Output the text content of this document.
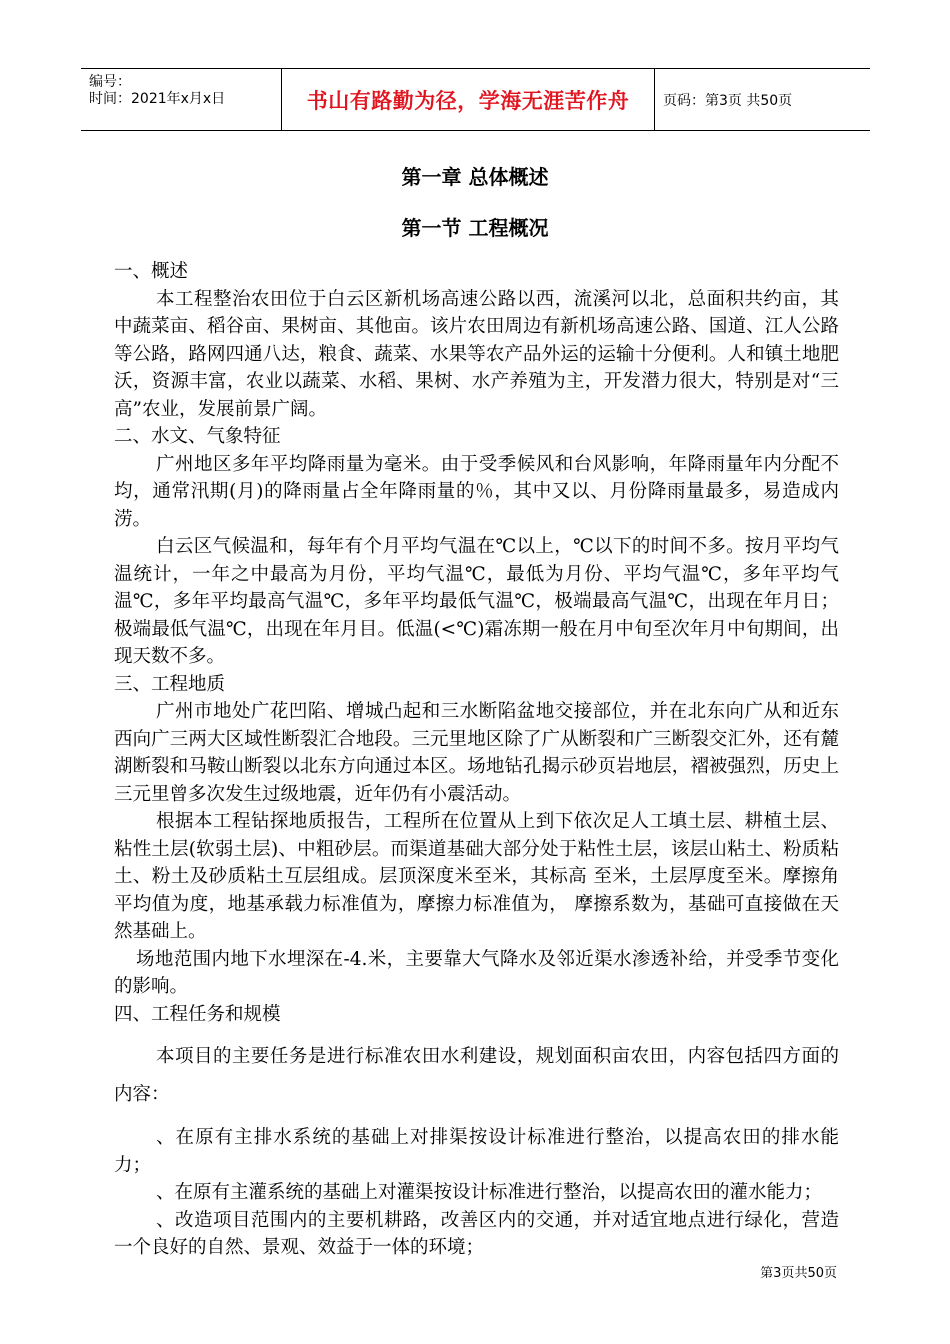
编号：
时间：2021年x月x日	书山有路勤为径，学海无涯苦作舟 页码：第3页 共50页
第一章 总体概述
第一节 工程概况

一、概述

本工程整治农田位于白云区新机场高速公路以西，流溪河以北，总面积共约亩，其中蔬菜亩、稻谷亩、果树亩、其他亩。该片农田周边有新机场高速公路、国道、江人公路等公路，路网四通八达，粮食、蔬菜、水果等农产品外运的运输十分便利。人和镇土地肥沃，资源丰富，农业以蔬菜、水稻、果树、水产养殖为主，开发潜力很大，特别是对“三高”农业，发展前景广阔。

二、水文、气象特征

广州地区多年平均降雨量为毫米。由于受季候风和台风影响，年降雨量年内分配不均，通常汛期(月)的降雨量占全年降雨量的％，其中又以、月份降雨量最多，易造成内涝。

白云区气候温和，每年有个月平均气温在℃以上，℃以下的时间不多。按月平均气温统计，一年之中最高为月份，平均气温℃，最低为月份、平均气温℃，多年平均气温℃，多年平均最高气温℃，多年平均最低气温℃，极端最高气温℃，出现在年月日；极端最低气温℃，出现在年月目。低温(<℃)霜冻期一般在月中旬至次年月中旬期间，出现天数不多。

三、工程地质

广州市地处广花凹陷、增城凸起和三水断陷盆地交接部位，并在北东向广从和近东西向广三两大区域性断裂汇合地段。三元里地区除了广从断裂和广三断裂交汇外，还有麓湖断裂和马鞍山断裂以北东方向通过本区。场地钻孔揭示砂页岩地层，褶被强烈，历史上三元里曾多次发生过级地震，近年仍有小震活动。

根据本工程钻探地质报告，工程所在位置从上到下依次足人工填土层、耕植土层、粘性土层(软弱土层)、中粗砂层。而渠道基础大部分处于粘性土层，该层山粘土、粉质粘土、粉土及砂质粘土互层组成。层顶深度米至米，其标高 至米，土层厚度至米。摩擦角平均值为度，地基承载力标准值为，摩擦力标准值为， 摩擦系数为，基础可直接做在天然基础上。

场地范围内地下水埋深在-4.米，主要靠大气降水及邻近渠水渗透补给，并受季节变化的影响。

四、工程任务和规模

本项目的主要任务是进行标准农田水利建设，规划面积亩农田，内容包括四方面的内容：

、在原有主排水系统的基础上对排渠按设计标准进行整治，以提高农田的排水能力；

、在原有主灌系统的基础上对灌渠按设计标准进行整治，以提高农田的灌水能力；

、改造项目范围内的主要机耕路，改善区内的交通，并对适宜地点进行绿化，营造一个良好的自然、景观、效益于一体的环境；

第3页共50页
